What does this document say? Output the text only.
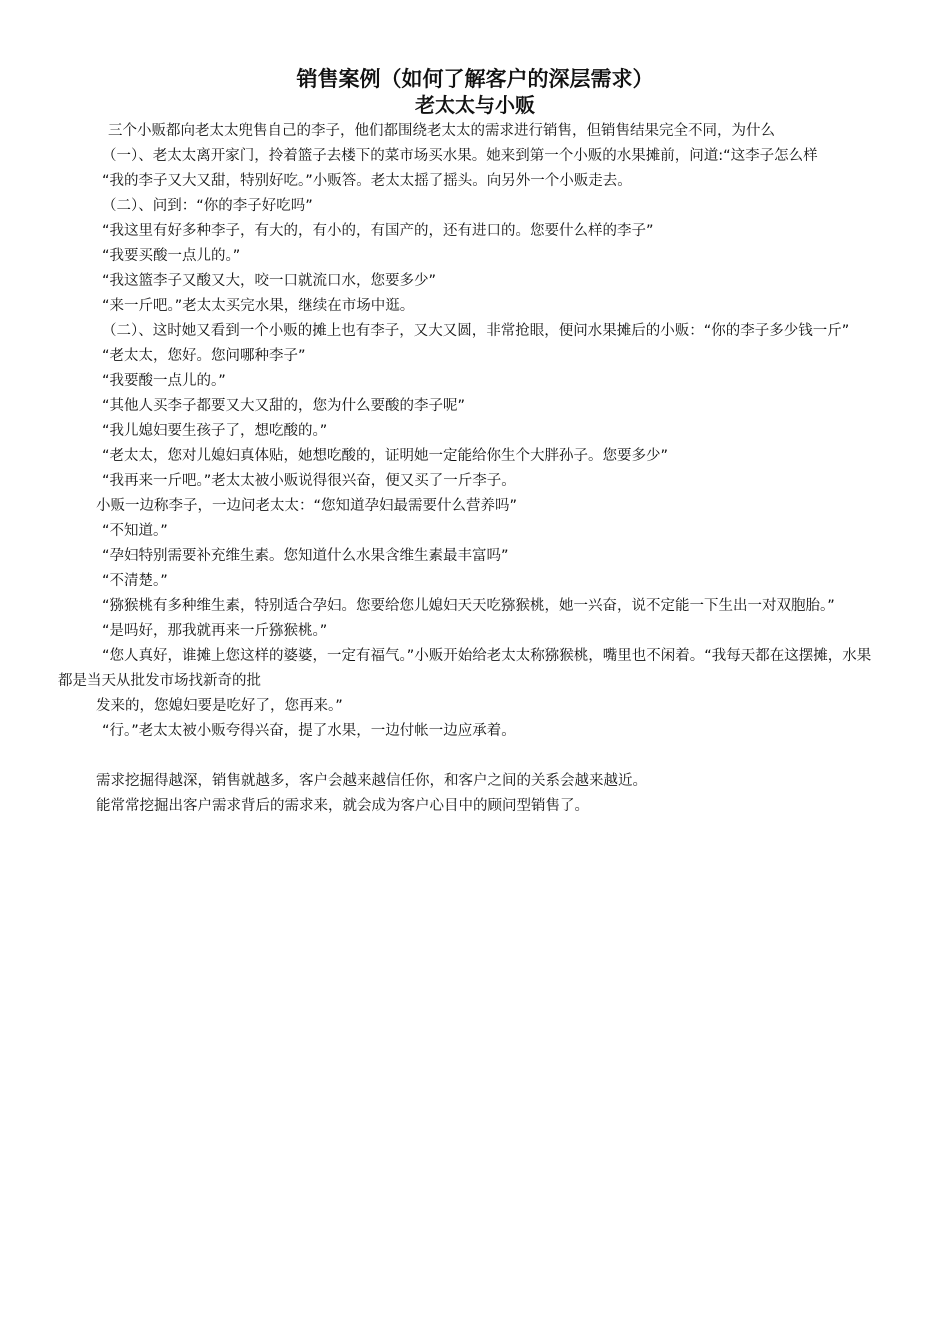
销售案例（如何了解客户的深层需求）
老太太与小贩

三个小贩都向老太太兜售自己的李子，他们都围绕老太太的需求进行销售，但销售结果完全不同，为什么

（一）、老太太离开家门，拎着篮子去楼下的菜市场买水果。她来到第一个小贩的水果摊前，问道:“这李子怎么样

“我的李子又大又甜，特别好吃。”小贩答。老太太摇了摇头。向另外一个小贩走去。

（二）、问到：“你的李子好吃吗”

“我这里有好多种李子，有大的，有小的，有国产的，还有进口的。您要什么样的李子”

“我要买酸一点儿的。”

“我这篮李子又酸又大，咬一口就流口水，您要多少”

“来一斤吧。”老太太买完水果，继续在市场中逛。

（二）、这时她又看到一个小贩的摊上也有李子，又大又圆，非常抢眼，便问水果摊后的小贩：“你的李子多少钱一斤”

“老太太，您好。您问哪种李子”

“我要酸一点儿的。”

“其他人买李子都要又大又甜的，您为什么要酸的李子呢”

“我儿媳妇要生孩子了，想吃酸的。”

“老太太，您对儿媳妇真体贴，她想吃酸的，证明她一定能给你生个大胖孙子。您要多少”

“我再来一斤吧。”老太太被小贩说得很兴奋，便又买了一斤李子。

小贩一边称李子，一边问老太太：“您知道孕妇最需要什么营养吗”

“不知道。”

“孕妇特别需要补充维生素。您知道什么水果含维生素最丰富吗”

“不清楚。”

“猕猴桃有多种维生素，特别适合孕妇。您要给您儿媳妇天天吃猕猴桃，她一兴奋，说不定能一下生出一对双胞胎。”

“是吗好，那我就再来一斤猕猴桃。”

“您人真好，谁摊上您这样的婆婆，一定有福气。”小贩开始给老太太称猕猴桃，嘴里也不闲着。“我每天都在这摆摊，水果都是当天从批发市场找新奇的批

发来的，您媳妇要是吃好了，您再来。”

“行。”老太太被小贩夸得兴奋，提了水果，一边付帐一边应承着。

需求挖掘得越深，销售就越多，客户会越来越信任你，和客户之间的关系会越来越近。

能常常挖掘出客户需求背后的需求来，就会成为客户心目中的顾问型销售了。
